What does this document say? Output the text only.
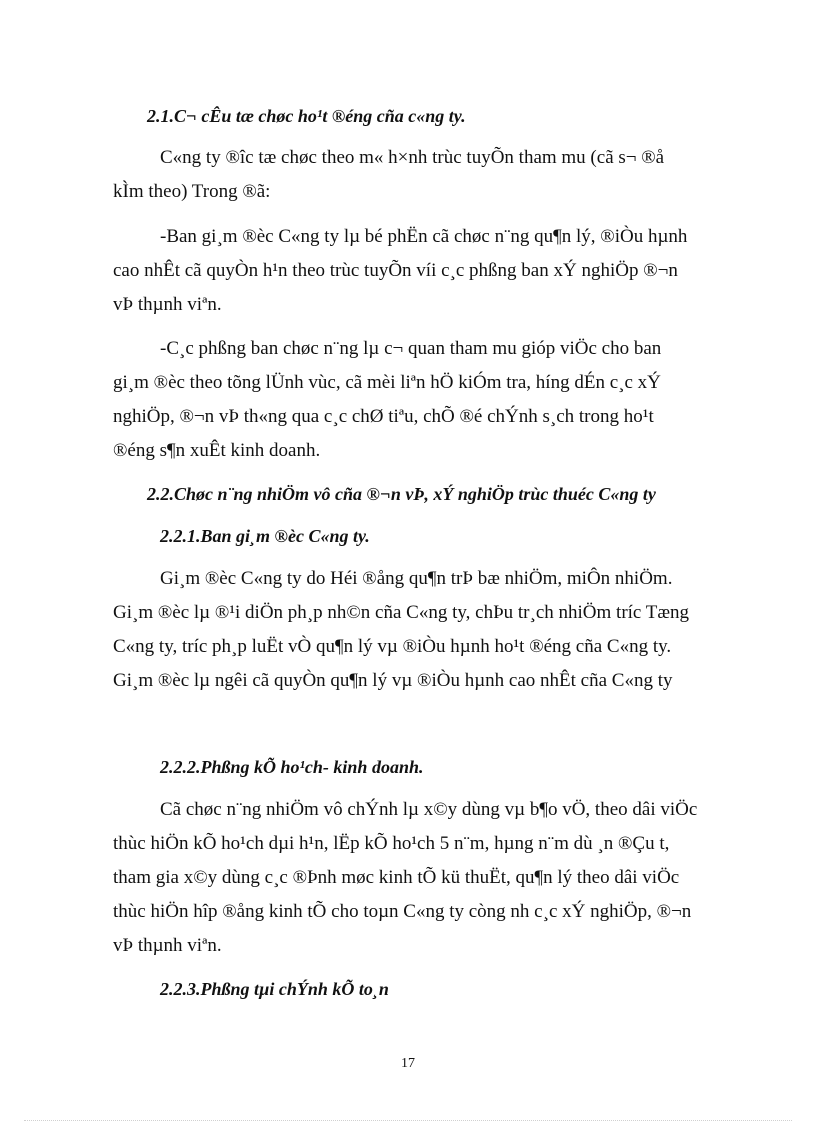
2.1.C¬ cÊu tæ chøc ho¹t ®éng cña c«ng ty.
C«ng ty ®îc tæ chøc theo m« h×nh trùc tuyÕn tham mu (cã s¬ ®å
kÌm theo) Trong ®ã:
-Ban gi¸m ®èc C«ng ty lµ bé phËn cã chøc n¨ng qu¶n lý, ®iÒu hµnh
cao nhÊt cã quyÒn h¹n theo trùc tuyÕn víi c¸c phßng ban xÝ nghiÖp ®¬n
vÞ thµnh viªn.
-C¸c phßng ban chøc n¨ng lµ c¬ quan tham mu gióp viÖc cho ban
gi¸m ®èc theo tõng lÜnh vùc, cã mèi liªn hÖ kiÓm tra, híng dÉn c¸c xÝ
nghiÖp, ®¬n vÞ th«ng qua c¸c chØ tiªu, chÕ ®é chÝnh s¸ch trong ho¹t
®éng s¶n xuÊt kinh doanh.
2.2.Chøc n¨ng nhiÖm vô cña ®¬n vÞ, xÝ nghiÖp trùc thuéc C«ng ty
2.2.1.Ban gi¸m ®èc C«ng ty.
Gi¸m ®èc C«ng ty do Héi ®ång qu¶n trÞ bæ nhiÖm, miÔn nhiÖm.
Gi¸m ®èc lµ ®¹i diÖn ph¸p nh©n cña C«ng ty, chÞu tr¸ch nhiÖm tríc Tæng
C«ng ty, tríc ph¸p luËt vÒ qu¶n lý vµ ®iÒu hµnh ho¹t ®éng cña C«ng ty.
Gi¸m ®èc lµ ngêi cã quyÒn qu¶n lý vµ ®iÒu hµnh cao nhÊt cña C«ng ty
2.2.2.Phßng kÕ ho¹ch- kinh doanh.
Cã chøc n¨ng nhiÖm vô chÝnh lµ x©y dùng vµ b¶o vÖ, theo dâi viÖc
thùc hiÖn kÕ ho¹ch dµi h¹n, lËp kÕ ho¹ch 5 n¨m, hµng n¨m dù ¸n ®Çu t,
tham gia x©y dùng c¸c ®Þnh møc kinh tÕ kü thuËt, qu¶n lý theo dâi viÖc
thùc hiÖn hîp ®ång kinh tÕ cho toµn C«ng ty còng nh c¸c xÝ nghiÖp, ®¬n
vÞ thµnh viªn.
2.2.3.Phßng tµi chÝnh kÕ to¸n
17
